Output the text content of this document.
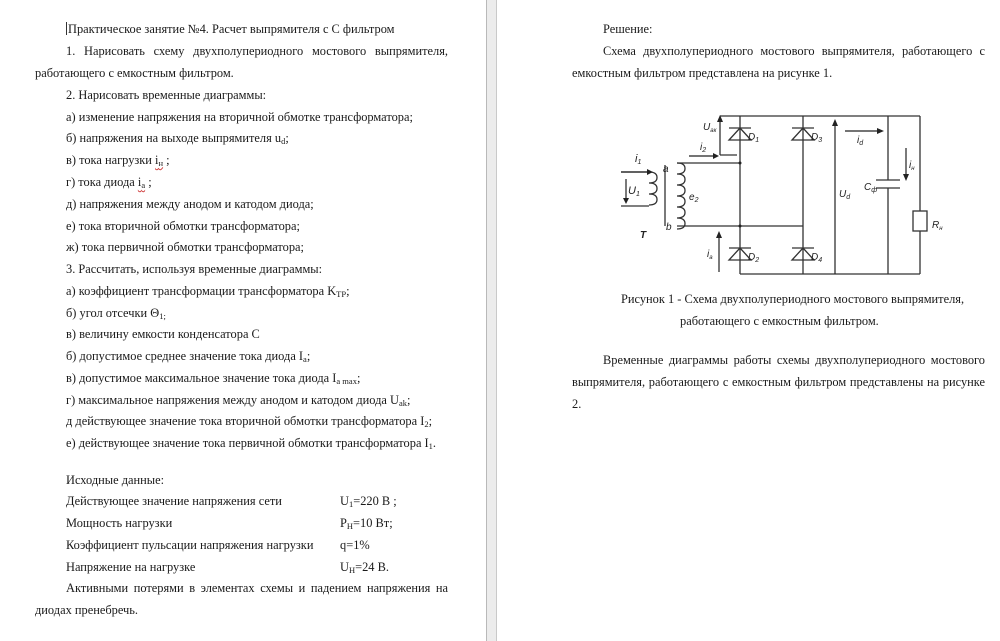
Практическое занятие №4. Расчет выпрямителя с С фильтром
1. Нарисовать схему двухполупериодного мостового выпрямителя,
работающего с емкостным фильтром.
2. Нарисовать временные диаграммы:
а) изменение напряжения на вторичной обмотке трансформатора;
б) напряжения на выходе выпрямителя $u_d$;
в) тока нагрузки $i_н$ ;
г) тока диода $i_а$ ;
д) напряжения между анодом и катодом диода;
е) тока вторичной обмотки трансформатора;
ж) тока первичной обмотки трансформатора;
3. Рассчитать, используя временные диаграммы:
а) коэффициент трансформации трансформатора $K_{ТР}$;
б) угол отсечки $\Theta_{1;}$
в) величину емкости конденсатора С
б) допустимое среднее значение тока диода $I_а$;
в) допустимое максимальное значение тока диода $I_{а max}$;
г) максимальное напряжения между анодом и катодом диода $U_{ak}$;
д действующее значение тока вторичной обмотки трансформатора $I_2$;
е) действующее значение тока первичной обмотки трансформатора $I_1$.
Исходные данные:
Действующее значение напряжения сети	$U_1=220$ В ;
Мощность нагрузки	$P_Н=10$ Вт;
Коэффициент пульсации напряжения нагрузки q=1%
Напряжение на нагрузке	$U_Н=24$ В.
Активными потерями в элементах схемы и падением напряжения на
диодах пренебречь.
Решение:
Схема двухполупериодного мостового выпрямителя, работающего с
емкостным фильтром представлена на рисунке 1.
i1
U1
a
b
$e_2$
T
$i_2$
$U_{ак}$
$D_1$	$D_3$
$D_2$	$D_4$
$i_а$
$U_d$
$i_d$
$C_ф$
$i_н$
$R_н$
Рисунок 1 - Схема двухполупериодного мостового выпрямителя,
работающего с емкостным фильтром.
Временные диаграммы работы схемы двухполупериодного мостового
выпрямителя, работающего с емкостным фильтром представлены на рисунке
2.
